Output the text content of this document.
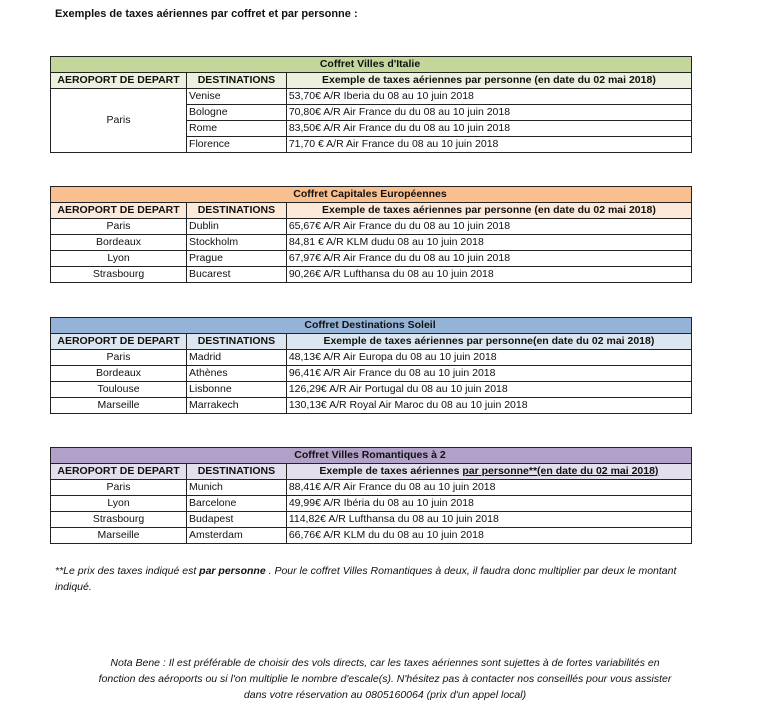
Exemples de taxes aériennes par coffret et par personne :
Coffret Villes d'Italie		
AEROPORT DE DEPART	DESTINATIONS	Exemple de taxes aériennes par personne (en date du 02 mai 2018)
Paris	Venise	53,70€ A/R Iberia du 08 au 10 juin 2018
	Bologne	70,80€ A/R Air France du du 08 au 10 juin 2018
	Rome	83,50€ A/R Air France du du 08 au 10 juin 2018
	Florence	71,70 € A/R Air France du 08 au 10 juin 2018
Coffret Capitales Européennes		
AEROPORT DE DEPART	DESTINATIONS	Exemple de taxes aériennes par personne (en date du 02 mai 2018)
Paris	Dublin	65,67€ A/R Air France du du 08 au 10 juin 2018
Bordeaux	Stockholm	84,81 € A/R KLM dudu 08 au 10 juin 2018
Lyon	Prague	67,97€ A/R Air France du du 08 au 10 juin 2018
Strasbourg	Bucarest	90,26€ A/R Lufthansa du 08 au 10 juin 2018
Coffret Destinations Soleil		
AEROPORT DE DEPART	DESTINATIONS	Exemple de taxes aériennes par personne(en date du 02 mai 2018)
Paris	Madrid	48,13€ A/R Air Europa du 08 au 10 juin 2018
Bordeaux	Athènes	96,41€ A/R Air France du 08 au 10 juin 2018
Toulouse	Lisbonne	126,29€ A/R Air Portugal du 08 au 10 juin 2018
Marseille	Marrakech	130,13€ A/R Royal Air Maroc du 08 au 10 juin 2018
Coffret Villes Romantiques à 2		
AEROPORT DE DEPART	DESTINATIONS	Exemple de taxes aériennes par personne**(en date du 02 mai 2018)
Paris	Munich	88,41€ A/R Air France du 08 au 10 juin 2018
Lyon	Barcelone	49,99€ A/R Ibéria du 08 au 10 juin 2018
Strasbourg	Budapest	114,82€ A/R Lufthansa du 08 au 10 juin 2018
Marseille	Amsterdam	66,76€ A/R KLM du du 08 au 10 juin 2018
**Le prix des taxes indiqué est par personne . Pour le coffret Villes Romantiques à deux, il faudra donc multiplier par deux le montant indiqué.
Nota Bene : Il est préférable de choisir des vols directs, car les taxes aériennes sont sujettes à de fortes variabilités en
fonction des aéroports ou si l'on multiplie le nombre d'escale(s). N'hésitez pas à contacter nos conseillés pour vous assister
dans votre réservation au 0805160064 (prix d'un appel local)
